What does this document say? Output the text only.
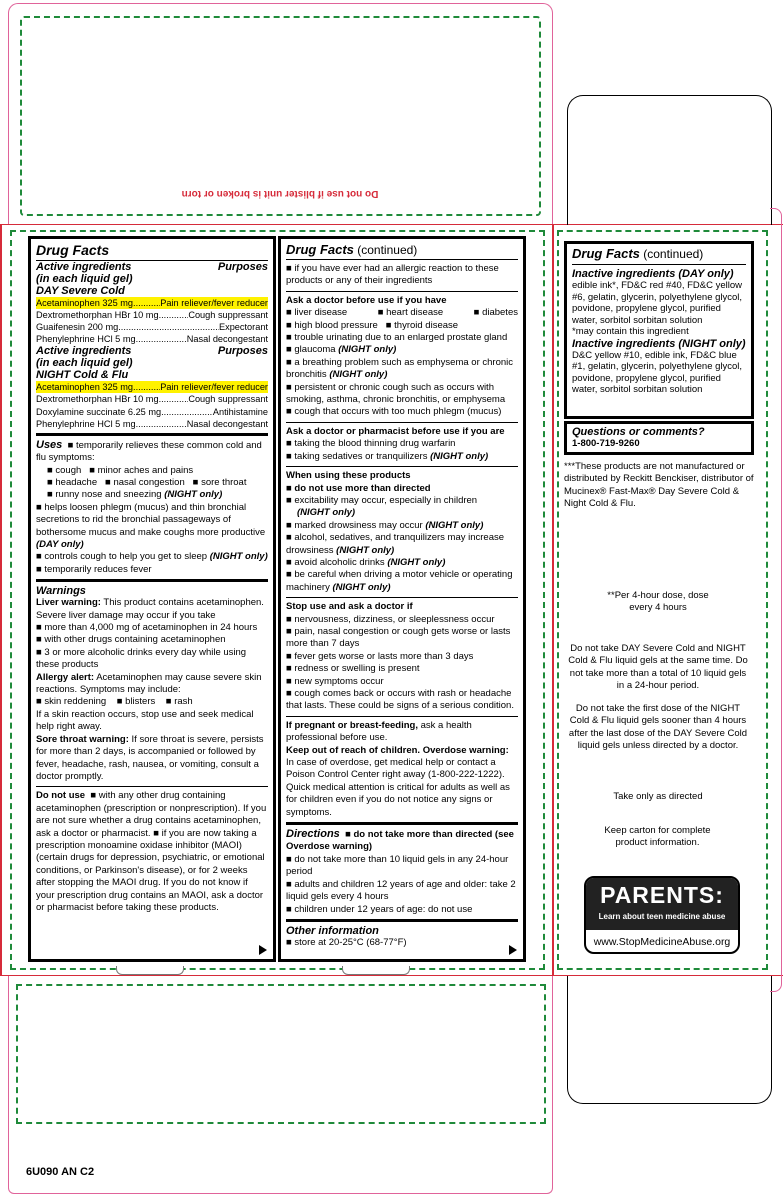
Do not use if blister unit is broken or torn
6U090 AN C2
Drug Facts
Active ingredients	Purposes
(in each liquid gel)
DAY Severe Cold
Acetaminophen 325 mg .....	Pain reliever/fever reducer
Dextromethorphan HBr 10 mg .....	Cough suppressant
Guaifenesin 200 mg .....	Expectorant
Phenylephrine HCl 5 mg .....	Nasal decongestant
Active ingredients	Purposes
(in each liquid gel)
NIGHT Cold & Flu
Acetaminophen 325 mg .....	Pain reliever/fever reducer
Dextromethorphan HBr 10 mg .....	Cough suppressant
Doxylamine succinate 6.25 mg .....	Antihistamine
Phenylephrine HCl 5 mg .....	Nasal decongestant
Uses ■ temporarily relieves these common cold and flu symptoms:
■ cough ■ minor aches and pains
■ headache ■ nasal congestion ■ sore throat
■ runny nose and sneezing (NIGHT only)
■ helps loosen phlegm (mucus) and thin bronchial secretions to rid the bronchial passageways of bothersome mucus and make coughs more productive (DAY only)
■ controls cough to help you get to sleep (NIGHT only)
■ temporarily reduces fever
Warnings
Liver warning: This product contains acetaminophen. Severe liver damage may occur if you take
■ more than 4,000 mg of acetaminophen in 24 hours
■ with other drugs containing acetaminophen
■ 3 or more alcoholic drinks every day while using these products
Allergy alert: Acetaminophen may cause severe skin reactions. Symptoms may include:
■ skin reddening ■ blisters ■ rash
If a skin reaction occurs, stop use and seek medical help right away.
Sore throat warning: If sore throat is severe, persists for more than 2 days, is accompanied or followed by fever, headache, rash, nausea, or vomiting, consult a doctor promptly.
Do not use ■ with any other drug containing acetaminophen (prescription or nonprescription). If you are not sure whether a drug contains acetaminophen, ask a doctor or pharmacist. ■ if you are now taking a prescription monoamine oxidase inhibitor (MAOI) (certain drugs for depression, psychiatric, or emotional conditions, or Parkinson's disease), or for 2 weeks after stopping the MAOI drug. If you do not know if your prescription drug contains an MAOI, ask a doctor or pharmacist before taking these products.
Drug Facts (continued)
■ if you have ever had an allergic reaction to these products or any of their ingredients
Ask a doctor before use if you have
■ liver disease	■ heart disease	■ diabetes
■ high blood pressure ■ thyroid disease
■ trouble urinating due to an enlarged prostate gland
■ glaucoma (NIGHT only)
■ a breathing problem such as emphysema or chronic bronchitis (NIGHT only)
■ persistent or chronic cough such as occurs with smoking, asthma, chronic bronchitis, or emphysema
■ cough that occurs with too much phlegm (mucus)
Ask a doctor or pharmacist before use if you are
■ taking the blood thinning drug warfarin
■ taking sedatives or tranquilizers (NIGHT only)
When using these products
■ do not use more than directed
■ excitability may occur, especially in children
(NIGHT only)
■ marked drowsiness may occur (NIGHT only)
■ alcohol, sedatives, and tranquilizers may increase drowsiness (NIGHT only)
■ avoid alcoholic drinks (NIGHT only)
■ be careful when driving a motor vehicle or operating machinery (NIGHT only)
Stop use and ask a doctor if
■ nervousness, dizziness, or sleeplessness occur
■ pain, nasal congestion or cough gets worse or lasts more than 7 days
■ fever gets worse or lasts more than 3 days
■ redness or swelling is present
■ new symptoms occur
■ cough comes back or occurs with rash or headache that lasts. These could be signs of a serious condition.
If pregnant or breast-feeding, ask a health professional before use.
Keep out of reach of children. Overdose warning:
In case of overdose, get medical help or contact a Poison Control Center right away (1-800-222-1222). Quick medical attention is critical for adults as well as for children even if you do not notice any signs or symptoms.
Directions ■ do not take more than directed (see Overdose warning)
■ do not take more than 10 liquid gels in any 24-hour period
■ adults and children 12 years of age and older: take 2 liquid gels every 4 hours
■ children under 12 years of age: do not use
Other information
■ store at 20-25°C (68-77°F)
Drug Facts (continued)
Inactive ingredients (DAY only)
edible ink*, FD&C red #40, FD&C yellow #6, gelatin, glycerin, polyethylene glycol, povidone, propylene glycol, purified water, sorbitol sorbitan solution
*may contain this ingredient
Inactive ingredients (NIGHT only)
D&C yellow #10, edible ink, FD&C blue #1, gelatin, glycerin, polyethylene glycol, povidone, propylene glycol, purified water, sorbitol sorbitan solution
Questions or comments?
1-800-719-9260
***These products are not manufactured or distributed by Reckitt Benckiser, distributor of Mucinex® Fast-Max® Day Severe Cold & Night Cold & Flu.
**Per 4-hour dose, dose every 4 hours
Do not take DAY Severe Cold and NIGHT Cold & Flu liquid gels at the same time. Do not take more than a total of 10 liquid gels in a 24-hour period.
Do not take the first dose of the NIGHT Cold & Flu liquid gels sooner than 4 hours after the last dose of the DAY Severe Cold liquid gels unless directed by a doctor.
Take only as directed
Keep carton for complete product information.
PARENTS:
Learn about teen medicine abuse
www.StopMedicineAbuse.org
